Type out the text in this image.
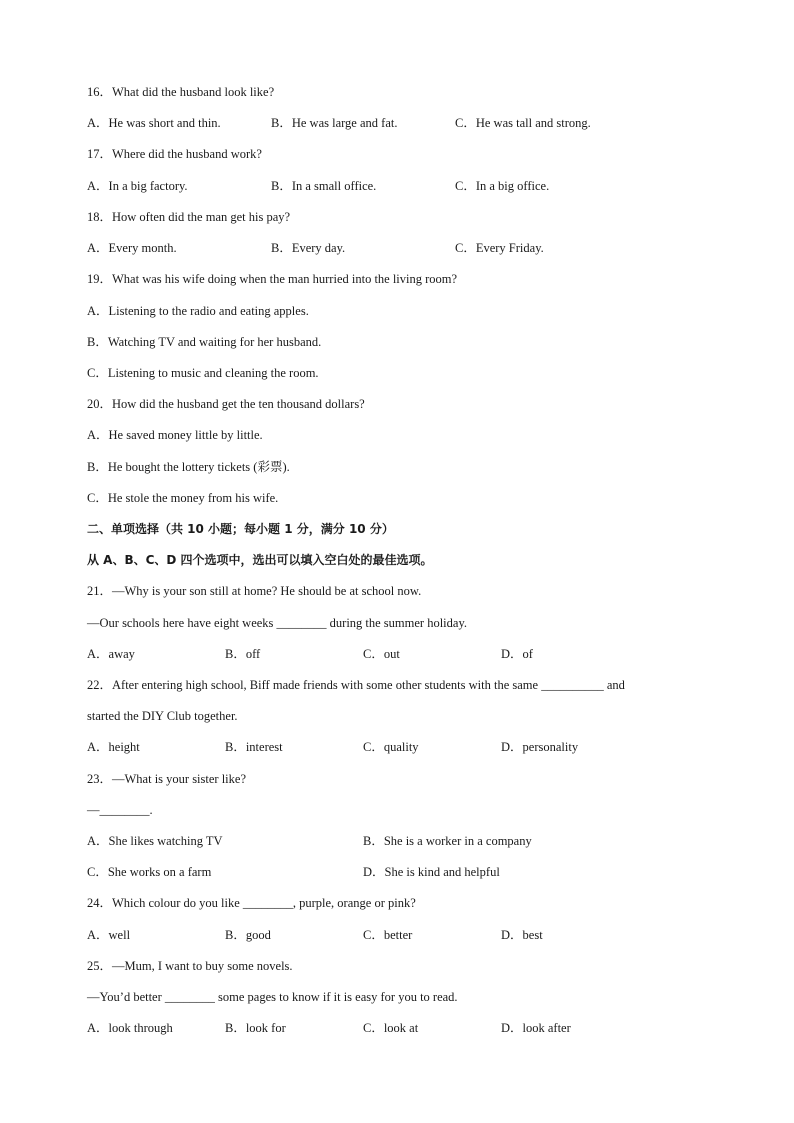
16．What did the husband look like?
A．He was short and thin.	B．He was large and fat.	C．He was tall and strong.
17．Where did the husband work?
A．In a big factory.	B．In a small office.	C．In a big office.
18．How often did the man get his pay?
A．Every month.	B．Every day.	C．Every Friday.
19．What was his wife doing when the man hurried into the living room?
A．Listening to the radio and eating apples.
B．Watching TV and waiting for her husband.
C．Listening to music and cleaning the room.
20．How did the husband get the ten thousand dollars?
A．He saved money little by little.
B．He bought the lottery tickets (彩票).
C．He stole the money from his wife.
二、单项选择（共 10 小题；每小题 1 分，满分 10 分）
从 A、B、C、D 四个选项中，选出可以填入空白处的最佳选项。
21．—Why is your son still at home? He should be at school now.
—Our schools here have eight weeks ________ during the summer holiday.
A．away	B．off	C．out	D．of
22．After entering high school, Biff made friends with some other students with the same __________ and
started the DIY Club together.
A．height	B．interest	C．quality	D．personality
23．—What is your sister like?
—________.
A．She likes watching TV	B．She is a worker in a company
C．She works on a farm	D．She is kind and helpful
24．Which colour do you like ________, purple, orange or pink?
A．well	B．good	C．better	D．best
25．—Mum, I want to buy some novels.
—You’d better ________ some pages to know if it is easy for you to read.
A．look through	B．look for	C．look at	D．look after
